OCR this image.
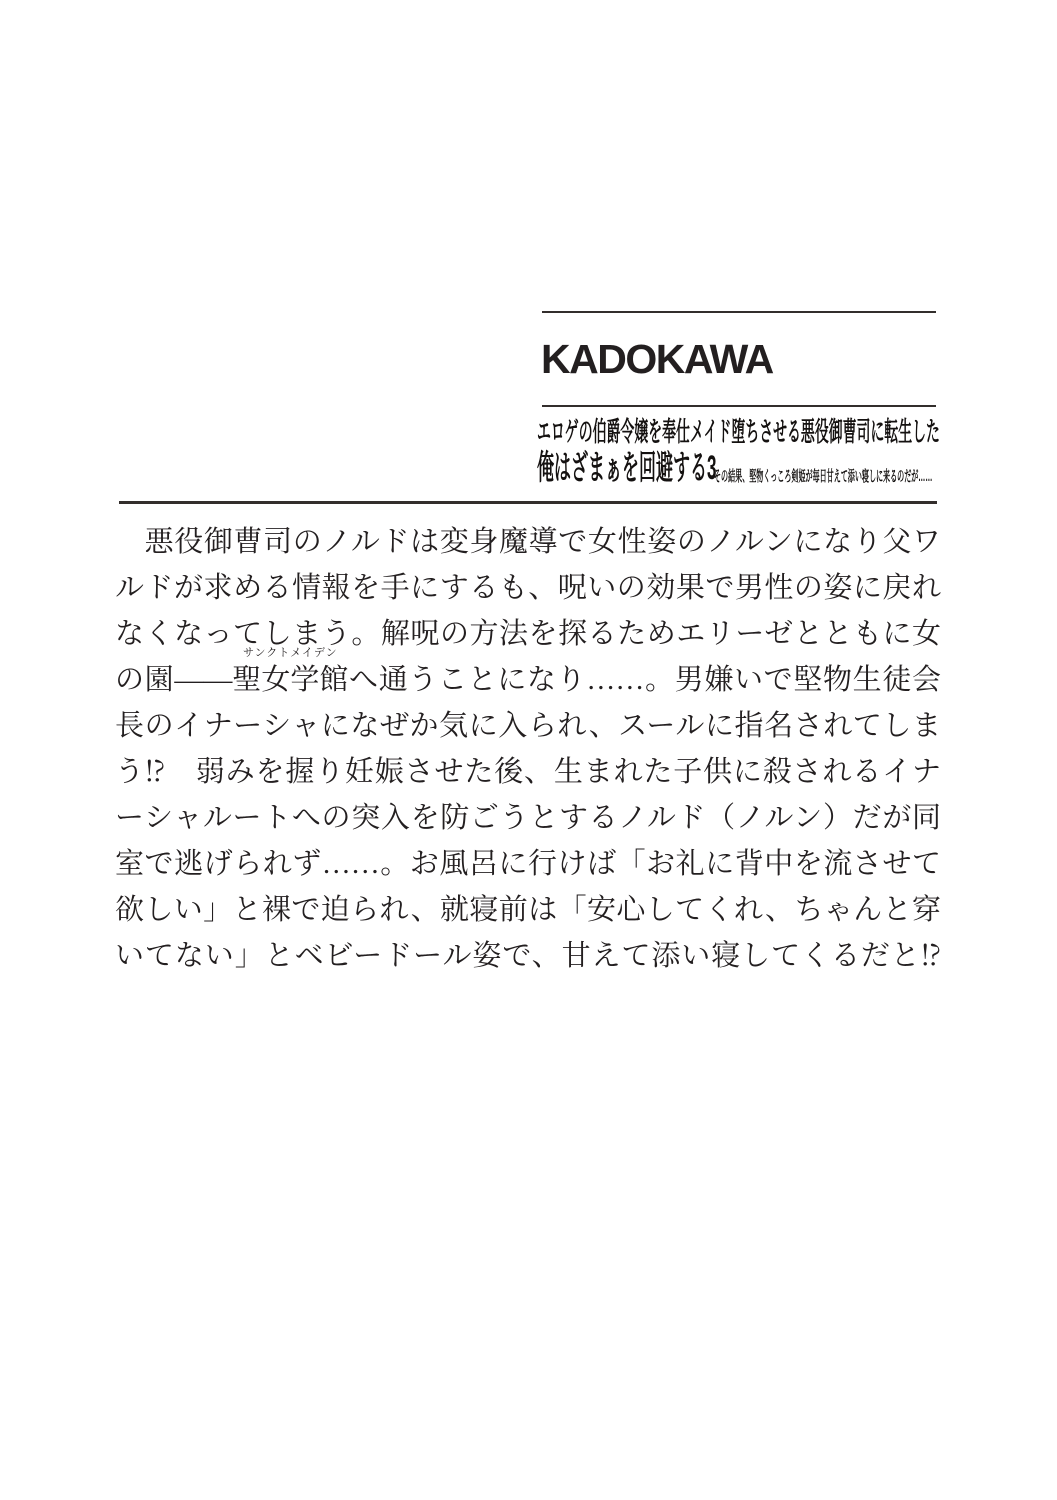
KADOKAWA
エロゲの伯爵令嬢を奉仕メイド堕ちさせる悪役御曹司に転生した
俺はざまぁを回避する3
その結果、堅物くっころ剣姫が毎日甘えて添い寝しに来るのだが……
　悪役御曹司のノルドは変身魔導で女性姿のノルンになり父ワ
ルドが求める情報を手にするも、呪いの効果で男性の姿に戻れ
なくなってしまう。解呪の方法を探るためエリーゼとともに女
の園――
サンクトメイデン
聖女学館へ通うことになり……。男嫌いで堅物生徒会
長のイナーシャになぜか気に入られ、スールに指名されてしま
う⁉　弱みを握り妊娠させた後、生まれた子供に殺されるイナ
ーシャルートへの突入を防ごうとするノルド（ノルン）だが同
室で逃げられず……。お風呂に行けば「お礼に背中を流させて
欲しい」と裸で迫られ、就寝前は「安心してくれ、ちゃんと穿
いてない」とベビードール姿で、甘えて添い寝してくるだと⁉
